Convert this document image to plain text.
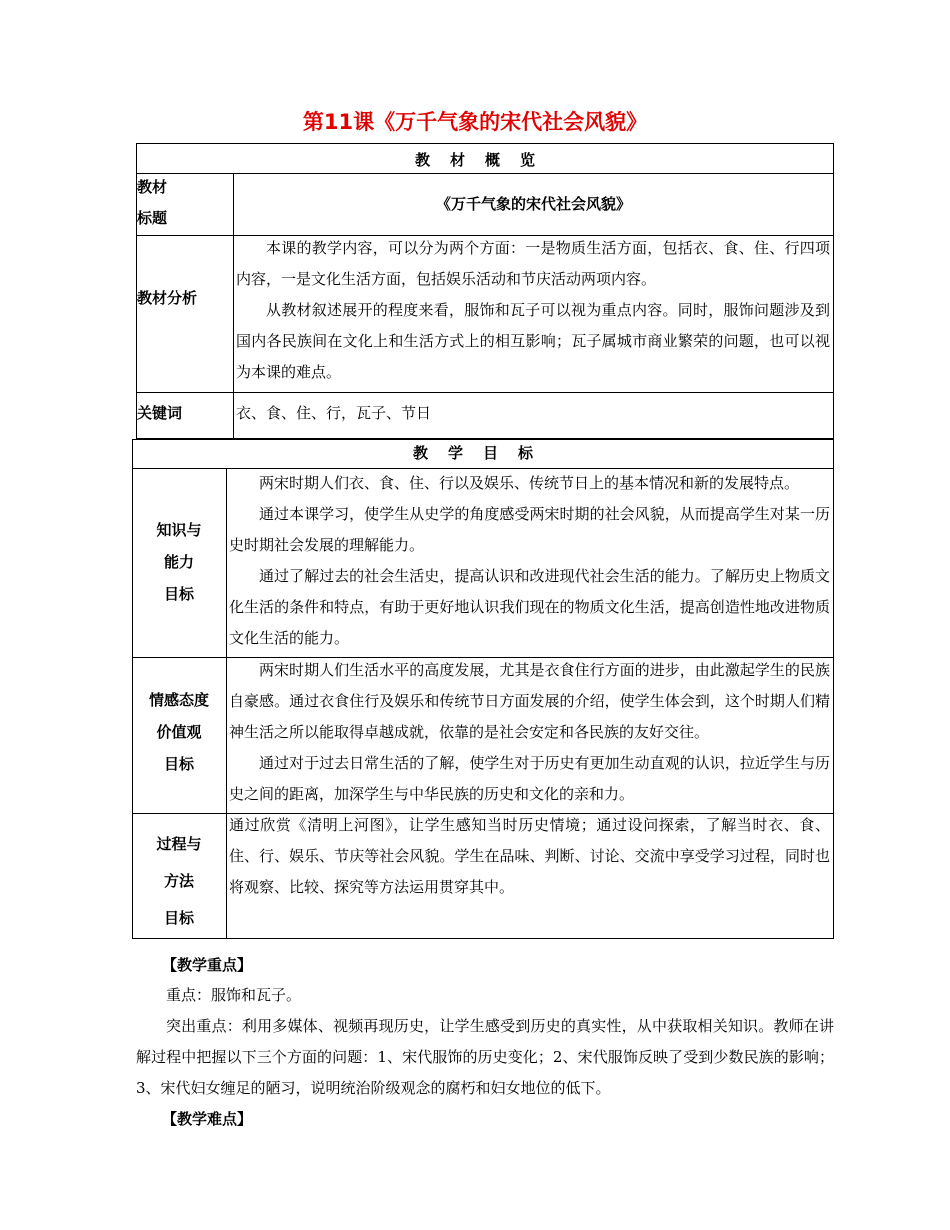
第11课《万千气象的宋代社会风貌》
教材概览
教材
标题
《万千气象的宋代社会风貌》
教材分析

本课的教学内容，可以分为两个方面：一是物质生活方面，包括衣、食、住、行四项内容，一是文化生活方面，包括娱乐活动和节庆活动两项内容。

从教材叙述展开的程度来看，服饰和瓦子可以视为重点内容。同时，服饰问题涉及到国内各民族间在文化上和生活方式上的相互影响；瓦子属城市商业繁荣的问题，也可以视为本课的难点。

关键词	衣、食、住、行，瓦子、节日
教学目标
知识与
能力
目标

两宋时期人们衣、食、住、行以及娱乐、传统节日上的基本情况和新的发展特点。

通过本课学习，使学生从史学的角度感受两宋时期的社会风貌，从而提高学生对某一历史时期社会发展的理解能力。

通过了解过去的社会生活史，提高认识和改进现代社会生活的能力。了解历史上物质文化生活的条件和特点，有助于更好地认识我们现在的物质文化生活，提高创造性地改进物质文化生活的能力。

情感态度
价值观
目标

两宋时期人们生活水平的高度发展，尤其是衣食住行方面的进步，由此激起学生的民族自豪感。通过衣食住行及娱乐和传统节日方面发展的介绍，使学生体会到，这个时期人们精神生活之所以能取得卓越成就，依靠的是社会安定和各民族的友好交往。

通过对于过去日常生活的了解，使学生对于历史有更加生动直观的认识，拉近学生与历史之间的距离，加深学生与中华民族的历史和文化的亲和力。

过程与
方法
目标

通过欣赏《清明上河图》，让学生感知当时历史情境；通过设问探索，了解当时衣、食、住、行、娱乐、节庆等社会风貌。学生在品味、判断、讨论、交流中享受学习过程，同时也将观察、比较、探究等方法运用贯穿其中。

【教学重点】

重点：服饰和瓦子。

突出重点：利用多媒体、视频再现历史，让学生感受到历史的真实性，从中获取相关知识。教师在讲解过程中把握以下三个方面的问题：1、宋代服饰的历史变化；2、宋代服饰反映了受到少数民族的影响；3、宋代妇女缠足的陋习，说明统治阶级观念的腐朽和妇女地位的低下。

【教学难点】
